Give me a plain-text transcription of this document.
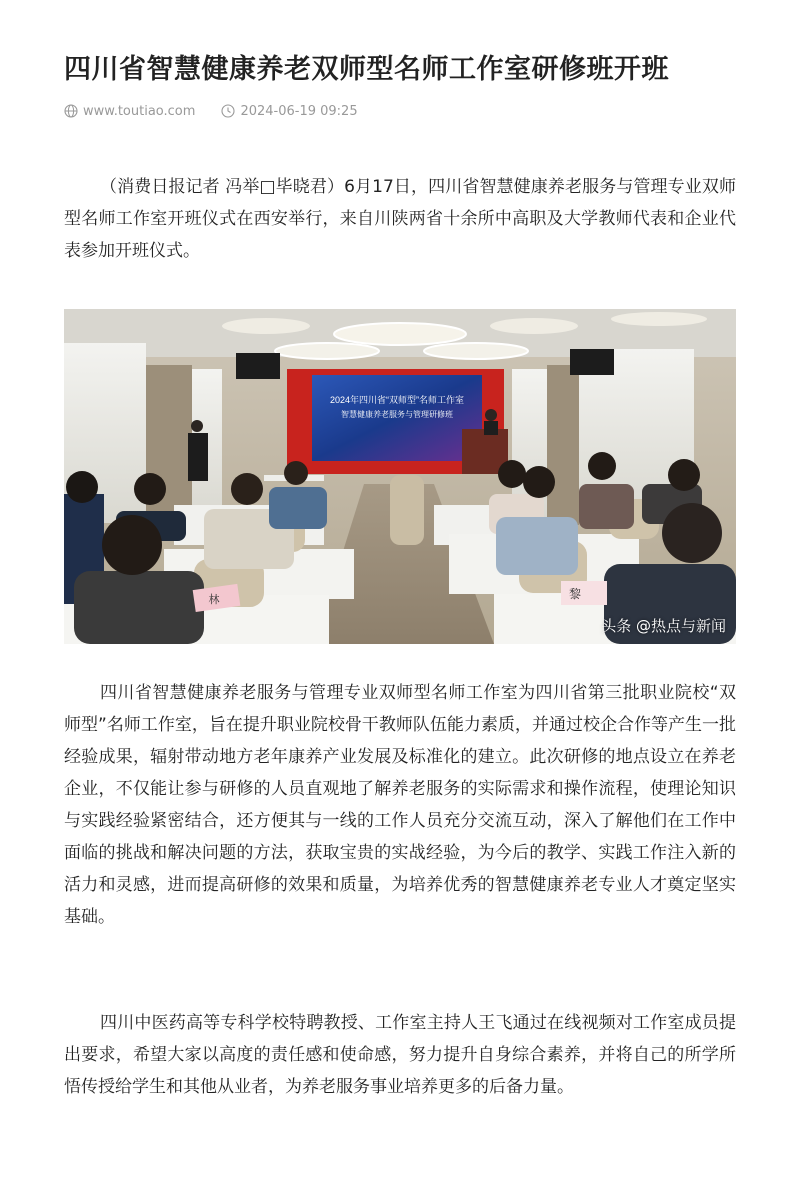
四川省智慧健康养老双师型名师工作室研修班开班
www.toutiao.com	2024-06-19 09:25

（消费日报记者 冯举□毕晓君）6月17日，四川省智慧健康养老服务与管理专业双师型名师工作室开班仪式在西安举行，来自川陕两省十余所中高职及大学教师代表和企业代表参加开班仪式。

2024年四川省“双师型”名师工作室
智慧健康养老服务与管理研修班
林	黎
头条 @热点与新闻

四川省智慧健康养老服务与管理专业双师型名师工作室为四川省第三批职业院校“双师型”名师工作室，旨在提升职业院校骨干教师队伍能力素质，并通过校企合作等产生一批经验成果，辐射带动地方老年康养产业发展及标准化的建立。此次研修的地点设立在养老企业，不仅能让参与研修的人员直观地了解养老服务的实际需求和操作流程，使理论知识与实践经验紧密结合，还方便其与一线的工作人员充分交流互动，深入了解他们在工作中面临的挑战和解决问题的方法，获取宝贵的实战经验，为今后的教学、实践工作注入新的活力和灵感，进而提高研修的效果和质量，为培养优秀的智慧健康养老专业人才奠定坚实基础。

四川中医药高等专科学校特聘教授、工作室主持人王飞通过在线视频对工作室成员提出要求，希望大家以高度的责任感和使命感，努力提升自身综合素养，并将自己的所学所悟传授给学生和其他从业者，为养老服务事业培养更多的后备力量。
